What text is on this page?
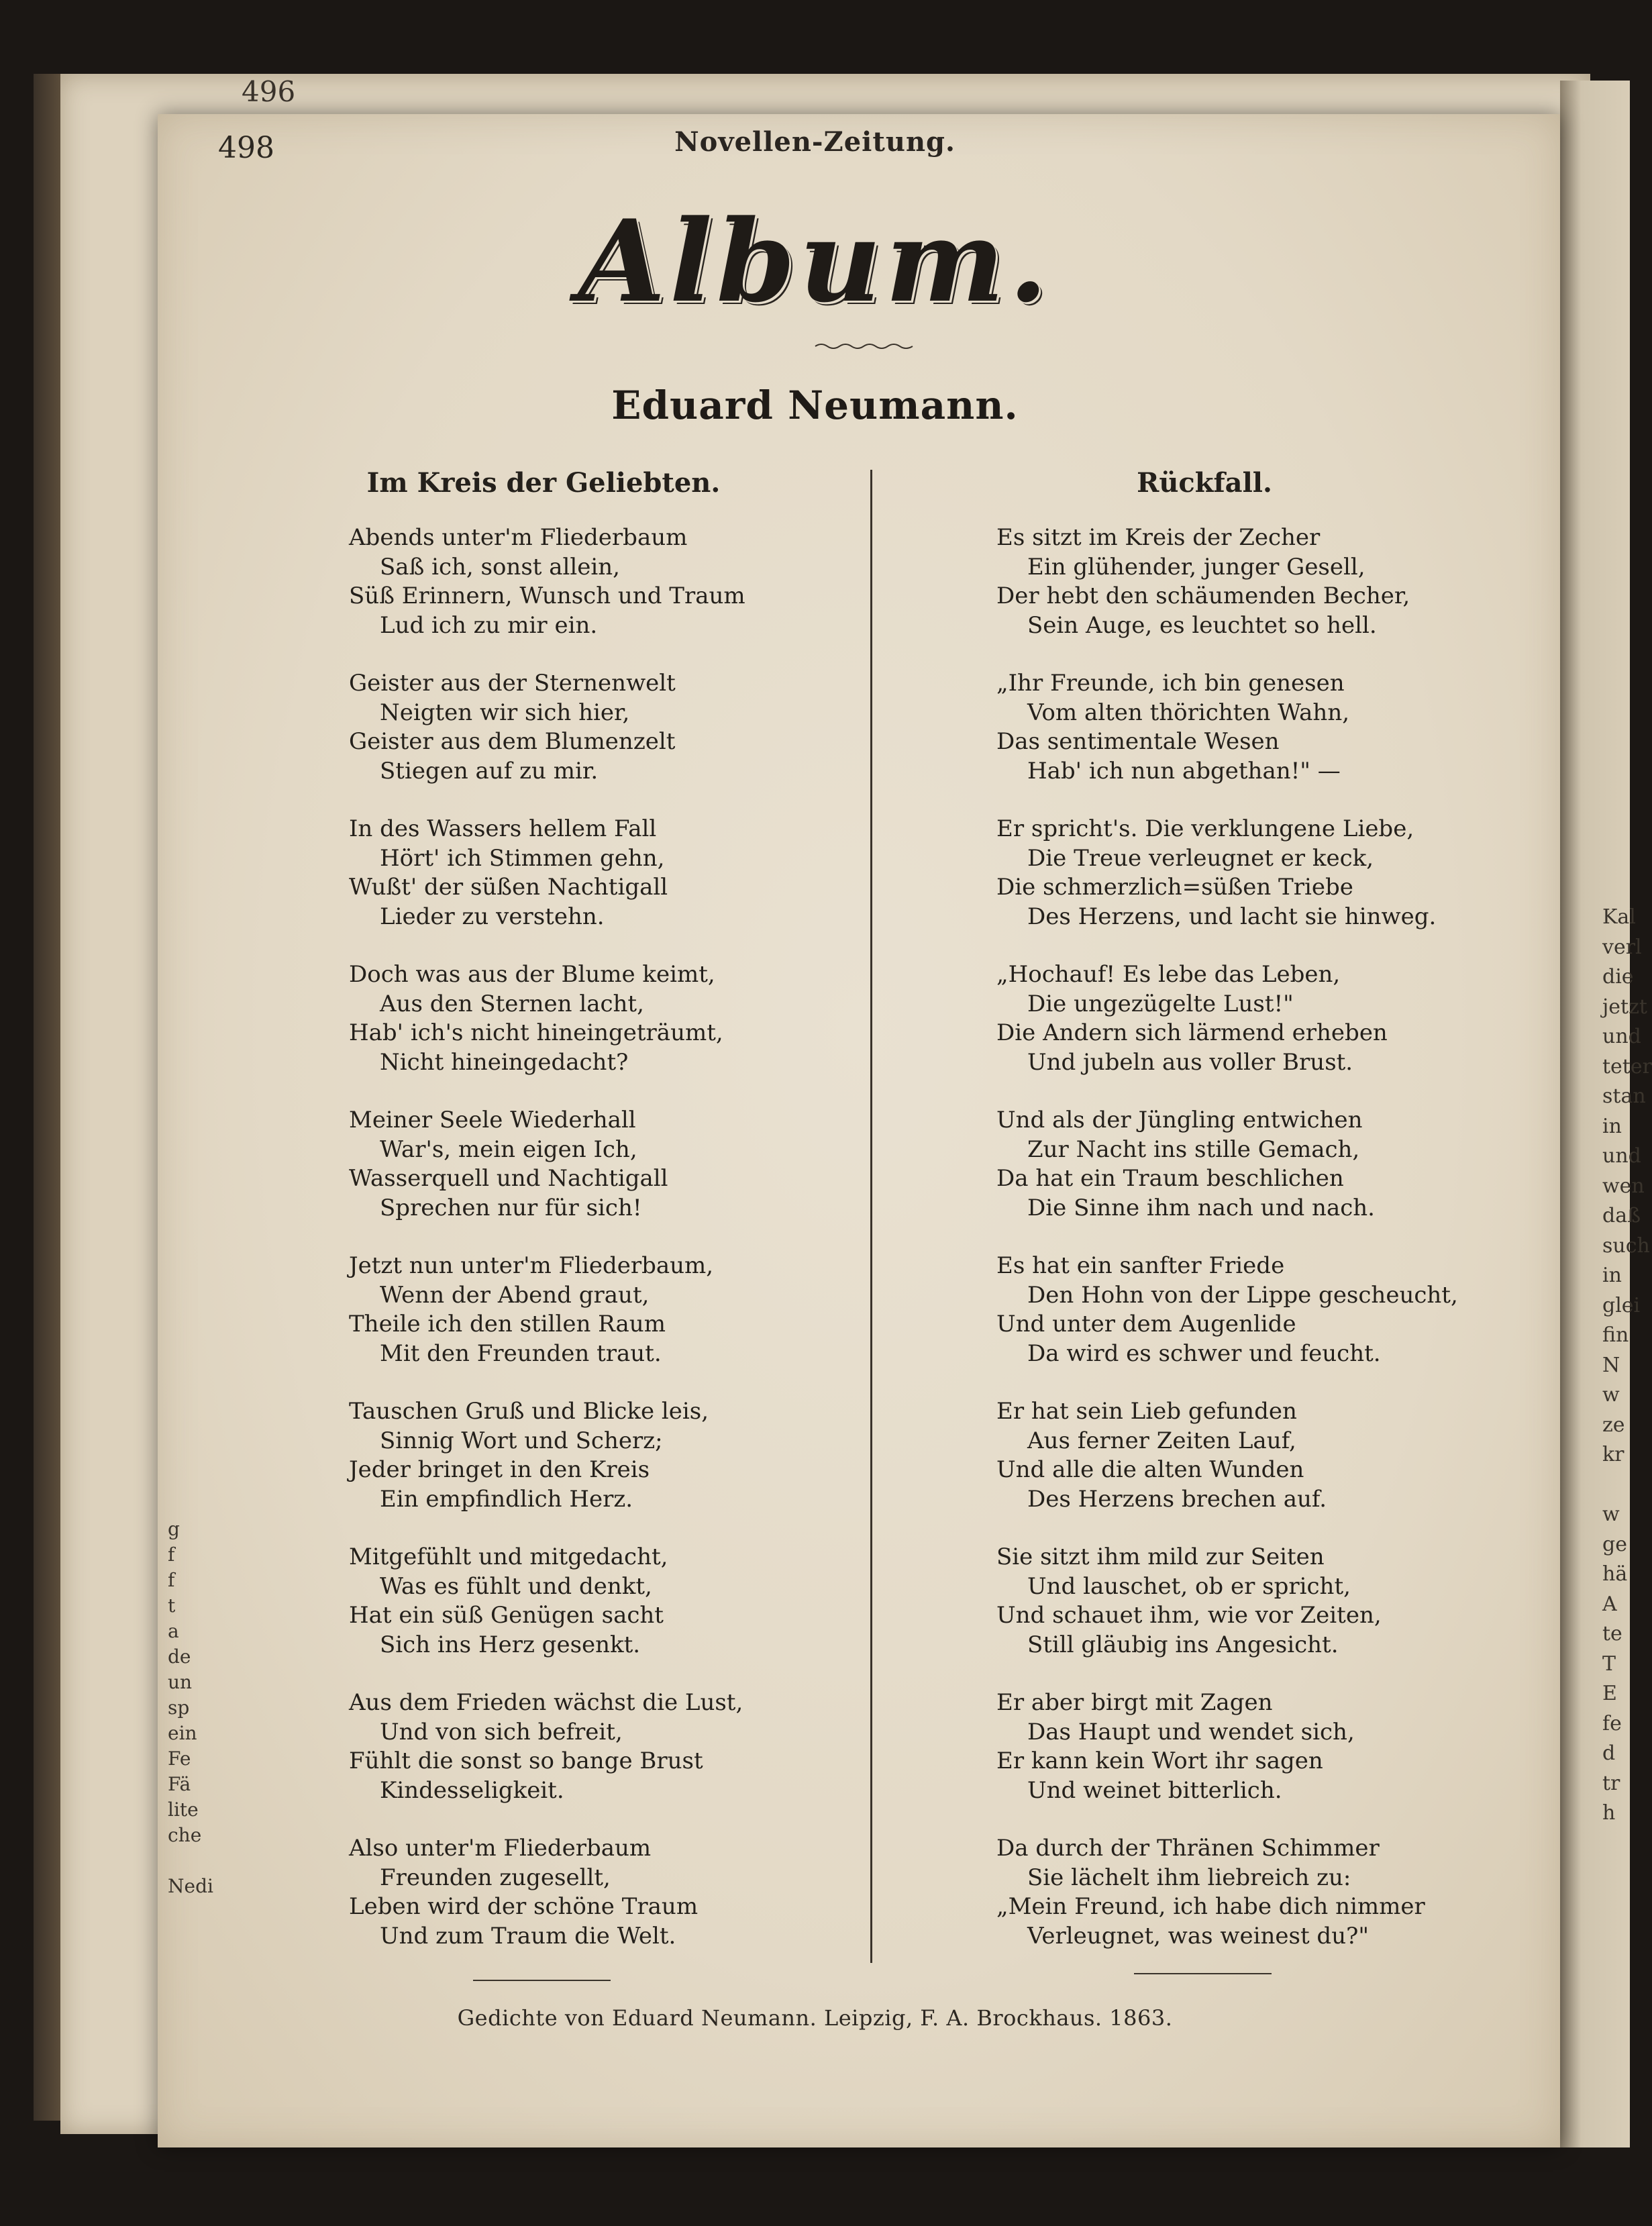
496
Kal
verl
die
jetzt
und
teter
stan
in
und
wen
daß
such
in
glei
fin
N
w
ze
kr

w
ge
hä
A
te
T
E
fe
d
tr
h
g
f
f
t
a
de
un
sp
ein
Fe
Fä
lite
che

Nedi
498	Novellen-Zeitung.
Album.
Eduard Neumann.
Im Kreis der Geliebten.
Abends unter'm Fliederbaum
Saß ich, sonst allein,
Süß Erinnern, Wunsch und Traum
Lud ich zu mir ein.
Geister aus der Sternenwelt
Neigten wir sich hier,
Geister aus dem Blumenzelt
Stiegen auf zu mir.
In des Wassers hellem Fall
Hört' ich Stimmen gehn,
Wußt' der süßen Nachtigall
Lieder zu verstehn.
Doch was aus der Blume keimt,
Aus den Sternen lacht,
Hab' ich's nicht hineingeträumt,
Nicht hineingedacht?
Meiner Seele Wiederhall
War's, mein eigen Ich,
Wasserquell und Nachtigall
Sprechen nur für sich!
Jetzt nun unter'm Fliederbaum,
Wenn der Abend graut,
Theile ich den stillen Raum
Mit den Freunden traut.
Tauschen Gruß und Blicke leis,
Sinnig Wort und Scherz;
Jeder bringet in den Kreis
Ein empfindlich Herz.
Mitgefühlt und mitgedacht,
Was es fühlt und denkt,
Hat ein süß Genügen sacht
Sich ins Herz gesenkt.
Aus dem Frieden wächst die Lust,
Und von sich befreit,
Fühlt die sonst so bange Brust
Kindesseligkeit.
Also unter'm Fliederbaum
Freunden zugesellt,
Leben wird der schöne Traum
Und zum Traum die Welt.
Rückfall.
Es sitzt im Kreis der Zecher
Ein glühender, junger Gesell,
Der hebt den schäumenden Becher,
Sein Auge, es leuchtet so hell.
„Ihr Freunde, ich bin genesen
Vom alten thörichten Wahn,
Das sentimentale Wesen
Hab' ich nun abgethan!" —
Er spricht's. Die verklungene Liebe,
Die Treue verleugnet er keck,
Die schmerzlich=süßen Triebe
Des Herzens, und lacht sie hinweg.
„Hochauf! Es lebe das Leben,
Die ungezügelte Lust!"
Die Andern sich lärmend erheben
Und jubeln aus voller Brust.
Und als der Jüngling entwichen
Zur Nacht ins stille Gemach,
Da hat ein Traum beschlichen
Die Sinne ihm nach und nach.
Es hat ein sanfter Friede
Den Hohn von der Lippe gescheucht,
Und unter dem Augenlide
Da wird es schwer und feucht.
Er hat sein Lieb gefunden
Aus ferner Zeiten Lauf,
Und alle die alten Wunden
Des Herzens brechen auf.
Sie sitzt ihm mild zur Seiten
Und lauschet, ob er spricht,
Und schauet ihm, wie vor Zeiten,
Still gläubig ins Angesicht.
Er aber birgt mit Zagen
Das Haupt und wendet sich,
Er kann kein Wort ihr sagen
Und weinet bitterlich.
Da durch der Thränen Schimmer
Sie lächelt ihm liebreich zu:
„Mein Freund, ich habe dich nimmer
Verleugnet, was weinest du?"
Gedichte von Eduard Neumann. Leipzig, F. A. Brockhaus. 1863.
